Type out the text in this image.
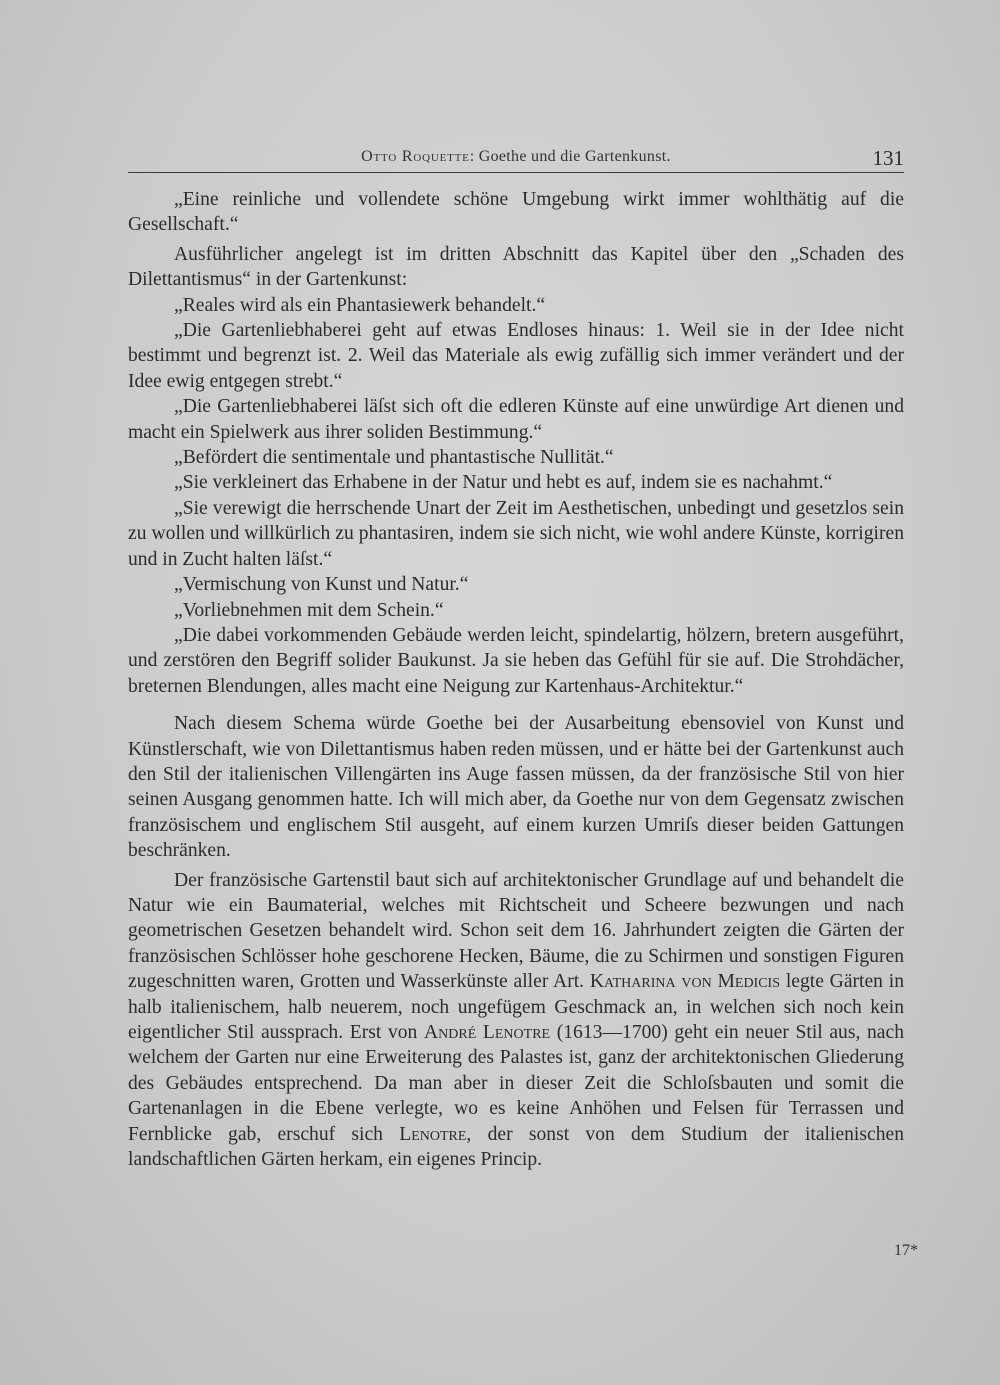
Otto Roquette: Goethe und die Gartenkunst.	131

„Eine reinliche und vollendete schöne Umgebung wirkt immer wohlthätig auf die Gesellschaft.“

Ausführlicher angelegt ist im dritten Abschnitt das Kapitel über den „Schaden des Dilettantismus“ in der Gartenkunst:

„Reales wird als ein Phantasiewerk behandelt.“

„Die Gartenliebhaberei geht auf etwas Endloses hinaus: 1. Weil sie in der Idee nicht bestimmt und begrenzt ist. 2. Weil das Materiale als ewig zufällig sich immer verändert und der Idee ewig entgegen strebt.“

„Die Gartenliebhaberei läſst sich oft die edleren Künste auf eine unwürdige Art dienen und macht ein Spielwerk aus ihrer soliden Bestimmung.“

„Befördert die sentimentale und phantastische Nullität.“

„Sie verkleinert das Erhabene in der Natur und hebt es auf, indem sie es nachahmt.“

„Sie verewigt die herrschende Unart der Zeit im Aesthetischen, unbedingt und gesetzlos sein zu wollen und willkürlich zu phantasiren, indem sie sich nicht, wie wohl andere Künste, korrigiren und in Zucht halten läſst.“

„Vermischung von Kunst und Natur.“

„Vorliebnehmen mit dem Schein.“

„Die dabei vorkommenden Gebäude werden leicht, spindelartig, hölzern, bretern ausgeführt, und zerstören den Begriff solider Baukunst. Ja sie heben das Gefühl für sie auf. Die Strohdächer, breternen Blendungen, alles macht eine Neigung zur Kartenhaus-Architektur.“

Nach diesem Schema würde Goethe bei der Ausarbeitung ebensoviel von Kunst und Künstlerschaft, wie von Dilettantismus haben reden müssen, und er hätte bei der Gartenkunst auch den Stil der italienischen Villengärten ins Auge fassen müssen, da der französische Stil von hier seinen Ausgang genommen hatte. Ich will mich aber, da Goethe nur von dem Gegensatz zwischen französischem und englischem Stil ausgeht, auf einem kurzen Umriſs dieser beiden Gattungen beschränken.

Der französische Gartenstil baut sich auf architektonischer Grundlage auf und behandelt die Natur wie ein Baumaterial, welches mit Richtscheit und Scheere bezwungen und nach geometrischen Gesetzen behandelt wird. Schon seit dem 16. Jahrhundert zeigten die Gärten der französischen Schlösser hohe geschorene Hecken, Bäume, die zu Schirmen und sonstigen Figuren zugeschnitten waren, Grotten und Wasserkünste aller Art. Katharina von Medicis legte Gärten in halb italienischem, halb neuerem, noch ungefügem Geschmack an, in welchen sich noch kein eigentlicher Stil aussprach. Erst von André Lenotre (1613—1700) geht ein neuer Stil aus, nach welchem der Garten nur eine Erweiterung des Palastes ist, ganz der architektonischen Gliederung des Gebäudes entsprechend. Da man aber in dieser Zeit die Schloſsbauten und somit die Gartenanlagen in die Ebene verlegte, wo es keine Anhöhen und Felsen für Terrassen und Fernblicke gab, erschuf sich Lenotre, der sonst von dem Studium der italienischen landschaftlichen Gärten herkam, ein eigenes Princip.

17*
